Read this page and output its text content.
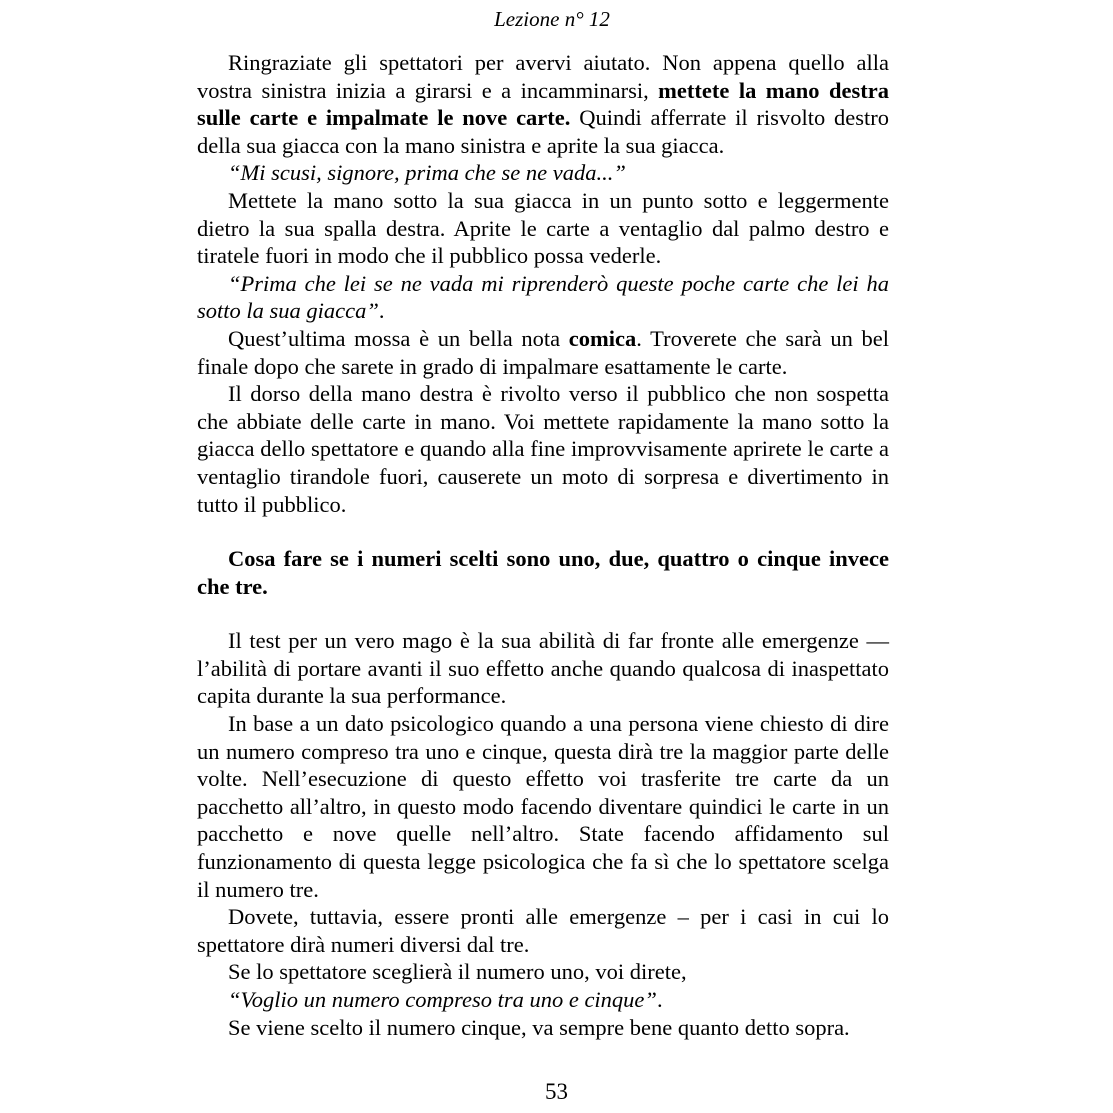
Lezione n° 12

Ringraziate gli spettatori per avervi aiutato. Non appena quello alla vostra sinistra inizia a girarsi e a incamminarsi, mettete la mano destra sulle carte e impalmate le nove carte. Quindi afferrate il risvolto destro della sua giacca con la mano sinistra e aprite la sua giacca.

“Mi scusi, signore, prima che se ne vada...”

Mettete la mano sotto la sua giacca in un punto sotto e leggermente dietro la sua spalla destra. Aprite le carte a ventaglio dal palmo destro e tiratele fuori in modo che il pubblico possa vederle.

“Prima che lei se ne vada mi riprenderò queste poche carte che lei ha sotto la sua giacca”.

Quest’ultima mossa è un bella nota comica. Troverete che sarà un bel finale dopo che sarete in grado di impalmare esattamente le carte.

Il dorso della mano destra è rivolto verso il pubblico che non sospetta che abbiate delle carte in mano. Voi mettete rapidamente la mano sotto la giacca dello spettatore e quando alla fine improvvisamente aprirete le carte a ventaglio tirandole fuori, causerete un moto di sorpresa e divertimento in tutto il pubblico.

Cosa fare se i numeri scelti sono uno, due, quattro o cinque invece che tre.

Il test per un vero mago è la sua abilità di far fronte alle emergenze — l’abilità di portare avanti il suo effetto anche quando qualcosa di inaspettato capita durante la sua performance.

In base a un dato psicologico quando a una persona viene chiesto di dire un numero compreso tra uno e cinque, questa dirà tre la maggior parte delle volte. Nell’esecuzione di questo effetto voi trasferite tre carte da un pacchetto all’altro, in questo modo facendo diventare quindici le carte in un pacchetto e nove quelle nell’altro. State facendo affidamento sul funzionamento di questa legge psicologica che fa sì che lo spettatore scelga il numero tre.

Dovete, tuttavia, essere pronti alle emergenze – per i casi in cui lo spettatore dirà numeri diversi dal tre.

Se lo spettatore sceglierà il numero uno, voi direte,

“Voglio un numero compreso tra uno e cinque”.

Se viene scelto il numero cinque, va sempre bene quanto detto sopra.

53
